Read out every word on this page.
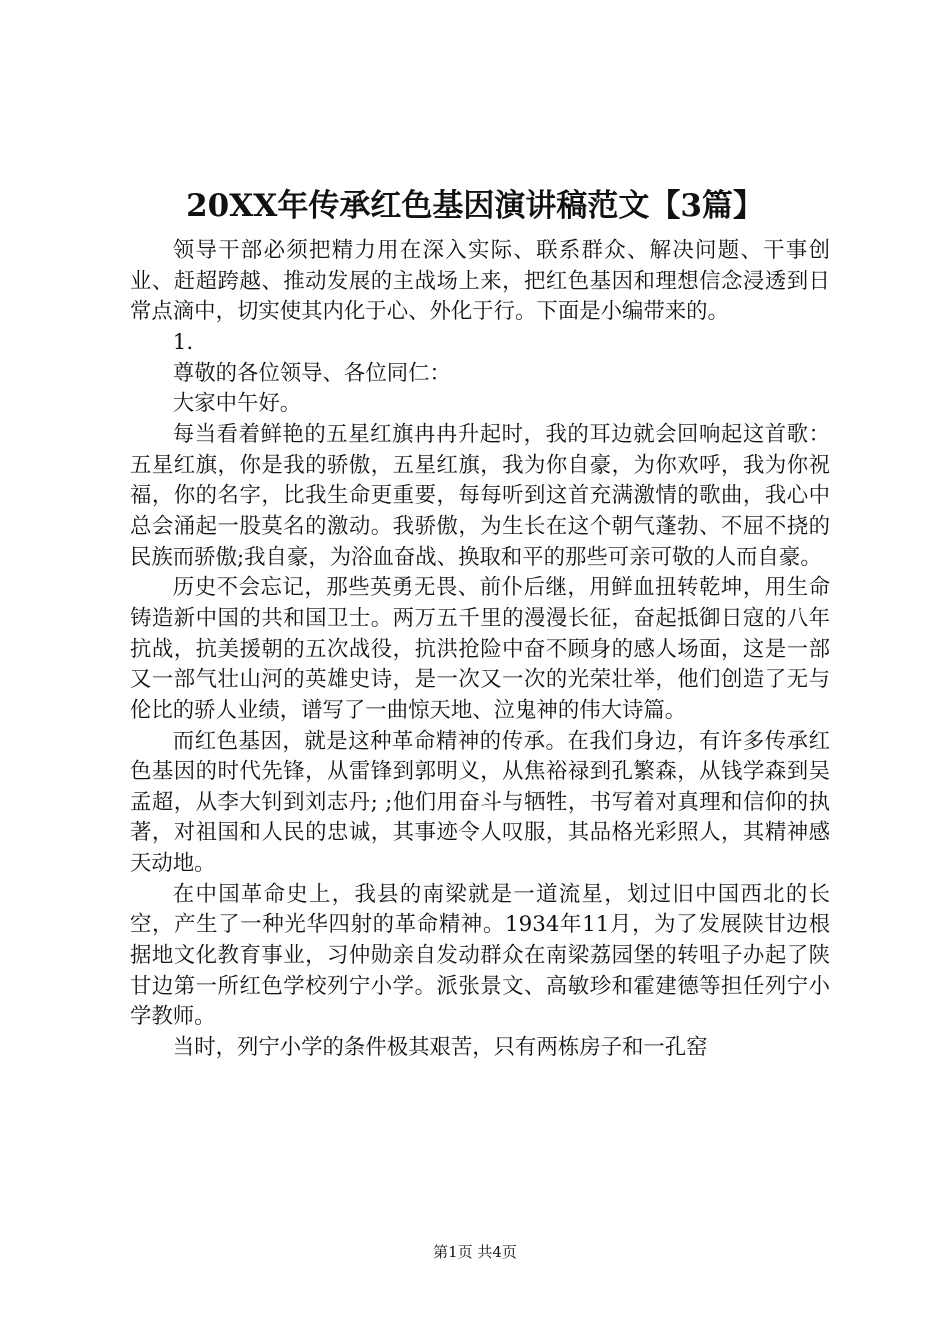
20XX年传承红色基因演讲稿范文【3篇】

领导干部必须把精力用在深入实际、联系群众、解决问题、干事创业、赶超跨越、推动发展的主战场上来，把红色基因和理想信念浸透到日常点滴中，切实使其内化于心、外化于行。下面是小编带来的。

1.

尊敬的各位领导、各位同仁：

大家中午好。

每当看着鲜艳的五星红旗冉冉升起时，我的耳边就会回响起这首歌：五星红旗，你是我的骄傲，五星红旗，我为你自豪，为你欢呼，我为你祝福，你的名字，比我生命更重要，每每听到这首充满激情的歌曲，我心中总会涌起一股莫名的激动。我骄傲，为生长在这个朝气蓬勃、不屈不挠的民族而骄傲;我自豪，为浴血奋战、换取和平的那些可亲可敬的人而自豪。

历史不会忘记，那些英勇无畏、前仆后继，用鲜血扭转乾坤，用生命铸造新中国的共和国卫士。两万五千里的漫漫长征，奋起抵御日寇的八年抗战，抗美援朝的五次战役，抗洪抢险中奋不顾身的感人场面，这是一部又一部气壮山河的英雄史诗，是一次又一次的光荣壮举，他们创造了无与伦比的骄人业绩，谱写了一曲惊天地、泣鬼神的伟大诗篇。

而红色基因，就是这种革命精神的传承。在我们身边，有许多传承红色基因的时代先锋，从雷锋到郭明义，从焦裕禄到孔繁森，从钱学森到吴孟超，从李大钊到刘志丹; ;他们用奋斗与牺牲，书写着对真理和信仰的执著，对祖国和人民的忠诚，其事迹令人叹服，其品格光彩照人，其精神感天动地。

在中国革命史上，我县的南梁就是一道流星，划过旧中国西北的长空，产生了一种光华四射的革命精神。1934年11月，为了发展陕甘边根据地文化教育事业，习仲勋亲自发动群众在南梁荔园堡的转咀子办起了陕甘边第一所红色学校列宁小学。派张景文、高敏珍和霍建德等担任列宁小学教师。

当时，列宁小学的条件极其艰苦，只有两栋房子和一孔窑

第1页 共4页
